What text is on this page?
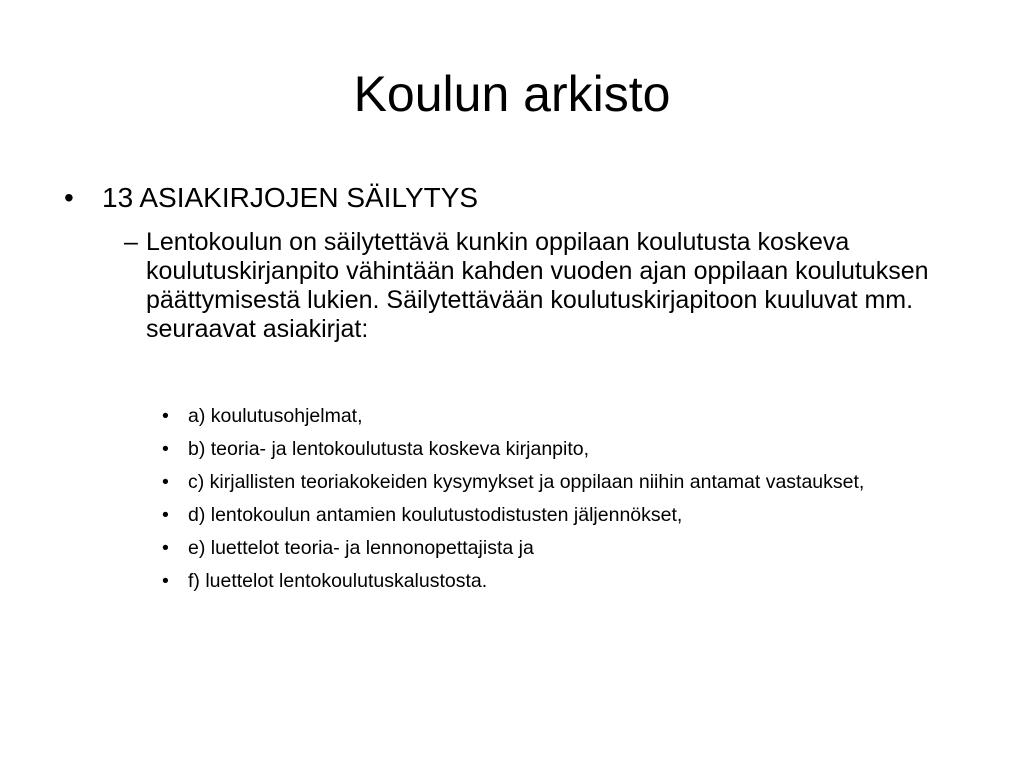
Koulun arkisto
•	13 ASIAKIRJOJEN SÄILYTYS
– Lentokoulun on säilytettävä kunkin oppilaan koulutusta koskeva koulutuskirjanpito vähintään kahden vuoden ajan oppilaan koulutuksen päättymisestä lukien. Säilytettävään koulutuskirjapitoon kuuluvat mm. seuraavat asiakirjat:
• a) koulutusohjelmat,
• b) teoria- ja lentokoulutusta koskeva kirjanpito,
• c) kirjallisten teoriakokeiden kysymykset ja oppilaan niihin antamat vastaukset,
• d) lentokoulun antamien koulutustodistusten jäljennökset,
• e) luettelot teoria- ja lennonopettajista ja
• f) luettelot lentokoulutuskalustosta.
